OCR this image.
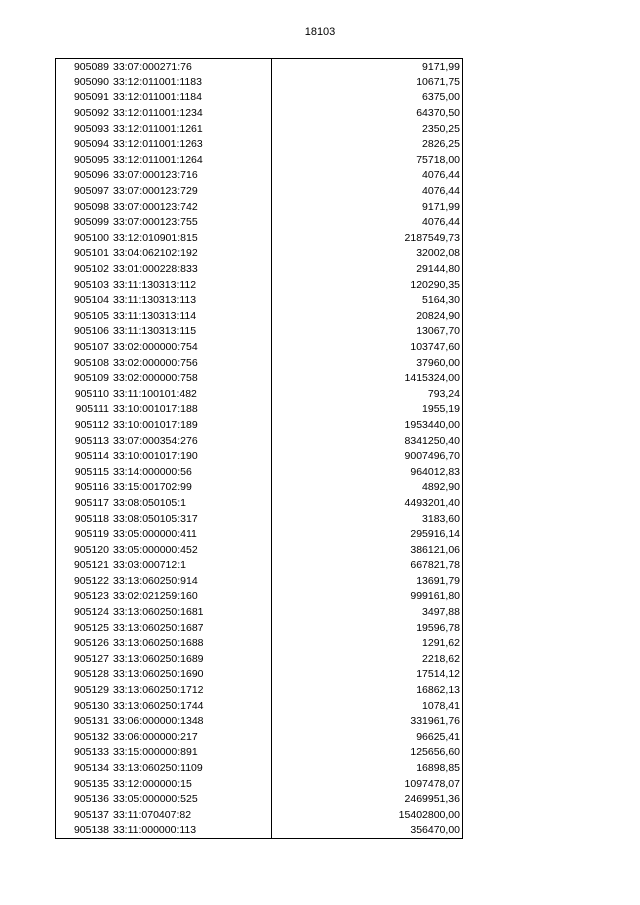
18103
905089	33:07:000271:76	9171,99
905090	33:12:011001:1183	10671,75
905091	33:12:011001:1184	6375,00
905092	33:12:011001:1234	64370,50
905093	33:12:011001:1261	2350,25
905094	33:12:011001:1263	2826,25
905095	33:12:011001:1264	75718,00
905096	33:07:000123:716	4076,44
905097	33:07:000123:729	4076,44
905098	33:07:000123:742	9171,99
905099	33:07:000123:755	4076,44
905100	33:12:010901:815	2187549,73
905101	33:04:062102:192	32002,08
905102	33:01:000228:833	29144,80
905103	33:11:130313:112	120290,35
905104	33:11:130313:113	5164,30
905105	33:11:130313:114	20824,90
905106	33:11:130313:115	13067,70
905107	33:02:000000:754	103747,60
905108	33:02:000000:756	37960,00
905109	33:02:000000:758	1415324,00
905110	33:11:100101:482	793,24
905111	33:10:001017:188	1955,19
905112	33:10:001017:189	1953440,00
905113	33:07:000354:276	8341250,40
905114	33:10:001017:190	9007496,70
905115	33:14:000000:56	964012,83
905116	33:15:001702:99	4892,90
905117	33:08:050105:1	4493201,40
905118	33:08:050105:317	3183,60
905119	33:05:000000:411	295916,14
905120	33:05:000000:452	386121,06
905121	33:03:000712:1	667821,78
905122	33:13:060250:914	13691,79
905123	33:02:021259:160	999161,80
905124	33:13:060250:1681	3497,88
905125	33:13:060250:1687	19596,78
905126	33:13:060250:1688	1291,62
905127	33:13:060250:1689	2218,62
905128	33:13:060250:1690	17514,12
905129	33:13:060250:1712	16862,13
905130	33:13:060250:1744	1078,41
905131	33:06:000000:1348	331961,76
905132	33:06:000000:217	96625,41
905133	33:15:000000:891	125656,60
905134	33:13:060250:1109	16898,85
905135	33:12:000000:15	1097478,07
905136	33:05:000000:525	2469951,36
905137	33:11:070407:82	15402800,00
905138	33:11:000000:113	356470,00
